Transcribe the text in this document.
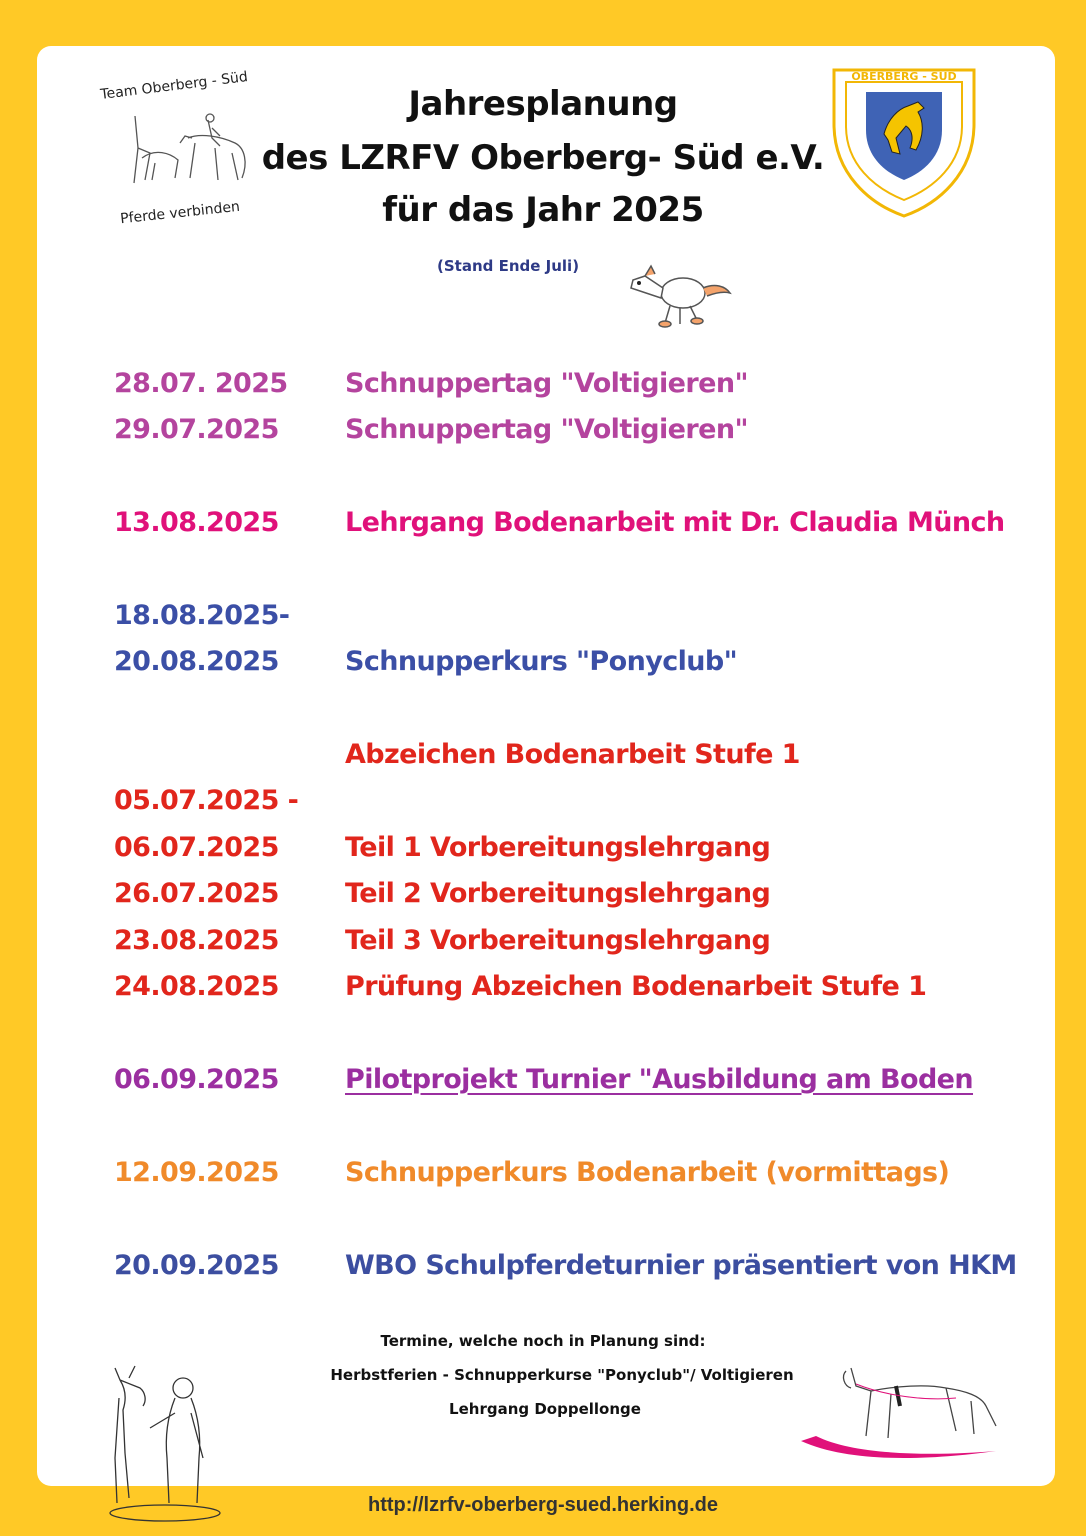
Team Oberberg - Süd
Pferde verbinden
Jahresplanung
des LZRFV Oberberg- Süd e.V.
für das Jahr 2025
(Stand Ende Juli)
OBERBERG - SÜD
28.07. 2025 Schnuppertag "Voltigieren"
29.07.2025 Schnuppertag "Voltigieren"
13.08.2025 Lehrgang Bodenarbeit mit Dr. Claudia Münch
18.08.2025-
20.08.2025 Schnupperkurs "Ponyclub"
Abzeichen Bodenarbeit Stufe 1
05.07.2025 -
06.07.2025 Teil 1 Vorbereitungslehrgang
26.07.2025 Teil 2 Vorbereitungslehrgang
23.08.2025 Teil 3 Vorbereitungslehrgang
24.08.2025 Prüfung Abzeichen Bodenarbeit Stufe 1
06.09.2025 Pilotprojekt Turnier "Ausbildung am Boden
12.09.2025 Schnupperkurs Bodenarbeit (vormittags)
20.09.2025 WBO Schulpferdeturnier präsentiert von HKM
Termine, welche noch in Planung sind:
Herbstferien - Schnupperkurse "Ponyclub"/ Voltigieren
Lehrgang Doppellonge
http://lzrfv-oberberg-sued.herking.de
